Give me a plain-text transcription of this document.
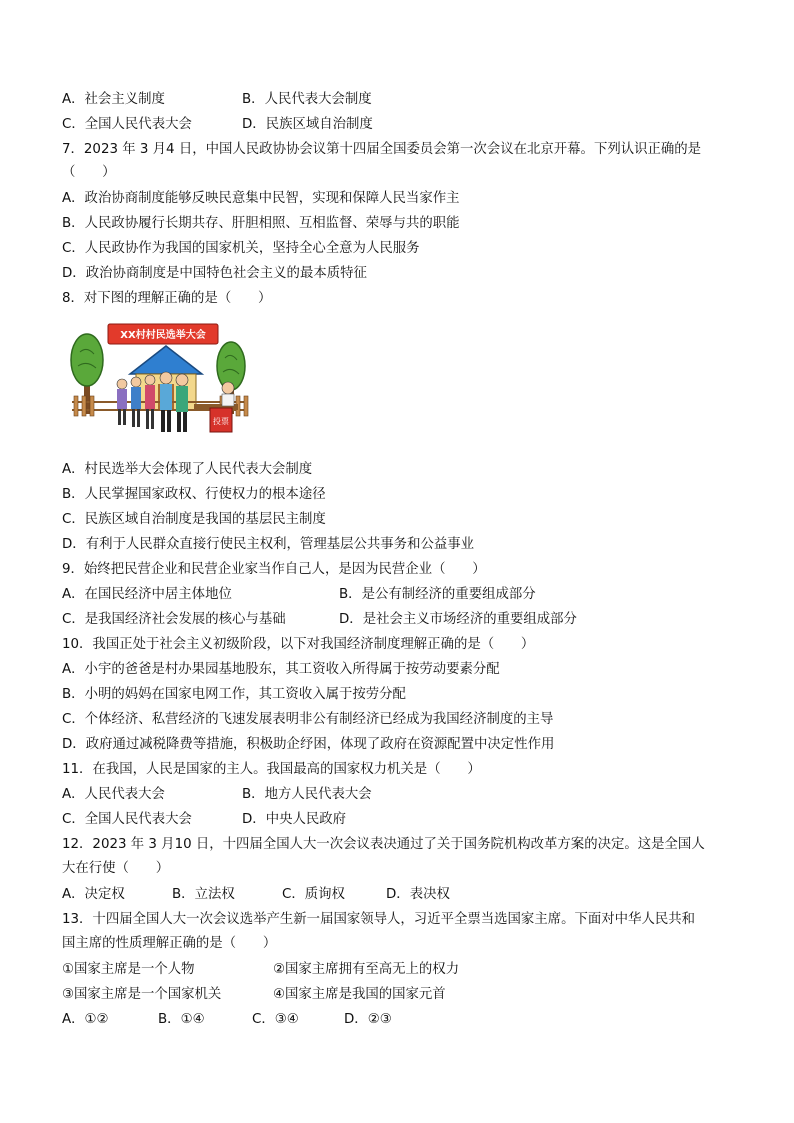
A．社会主义制度	B．人民代表大会制度
C．全国人民代表大会	D．民族区域自治制度
7．2023 年 3 月4 日，中国人民政协协会议第十四届全国委员会第一次会议在北京开幕。下列认识正确的是
（　　）
A．政治协商制度能够反映民意集中民智，实现和保障人民当家作主
B．人民政协履行长期共存、肝胆相照、互相监督、荣辱与共的职能
C．人民政协作为我国的国家机关，坚持全心全意为人民服务
D．政治协商制度是中国特色社会主义的最本质特征
8．对下图的理解正确的是（　　）
XX村村民选举大会
投票
A．村民选举大会体现了人民代表大会制度
B．人民掌握国家政权、行使权力的根本途径
C．民族区域自治制度是我国的基层民主制度
D．有利于人民群众直接行使民主权利，管理基层公共事务和公益事业
9．始终把民营企业和民营企业家当作自己人，是因为民营企业（　　）
A．在国民经济中居主体地位	B．是公有制经济的重要组成部分
C．是我国经济社会发展的核心与基础	D．是社会主义市场经济的重要组成部分
10．我国正处于社会主义初级阶段，以下对我国经济制度理解正确的是（　　）
A．小宇的爸爸是村办果园基地股东，其工资收入所得属于按劳动要素分配
B．小明的妈妈在国家电网工作，其工资收入属于按劳分配
C．个体经济、私营经济的飞速发展表明非公有制经济已经成为我国经济制度的主导
D．政府通过减税降费等措施，积极助企纾困，体现了政府在资源配置中决定性作用
11．在我国，人民是国家的主人。我国最高的国家权力机关是（　　）
A．人民代表大会	B．地方人民代表大会
C．全国人民代表大会	D．中央人民政府
12．2023 年 3 月10 日，十四届全国人大一次会议表决通过了关于国务院机构改革方案的决定。这是全国人
大在行使（　　）
A．决定权	B．立法权	C．质询权	D．表决权
13．十四届全国人大一次会议选举产生新一届国家领导人，习近平全票当选国家主席。下面对中华人民共和
国主席的性质理解正确的是（　　）
①国家主席是一个人物	②国家主席拥有至高无上的权力
③国家主席是一个国家机关	④国家主席是我国的国家元首
A．①②	B．①④	C．③④	D．②③
